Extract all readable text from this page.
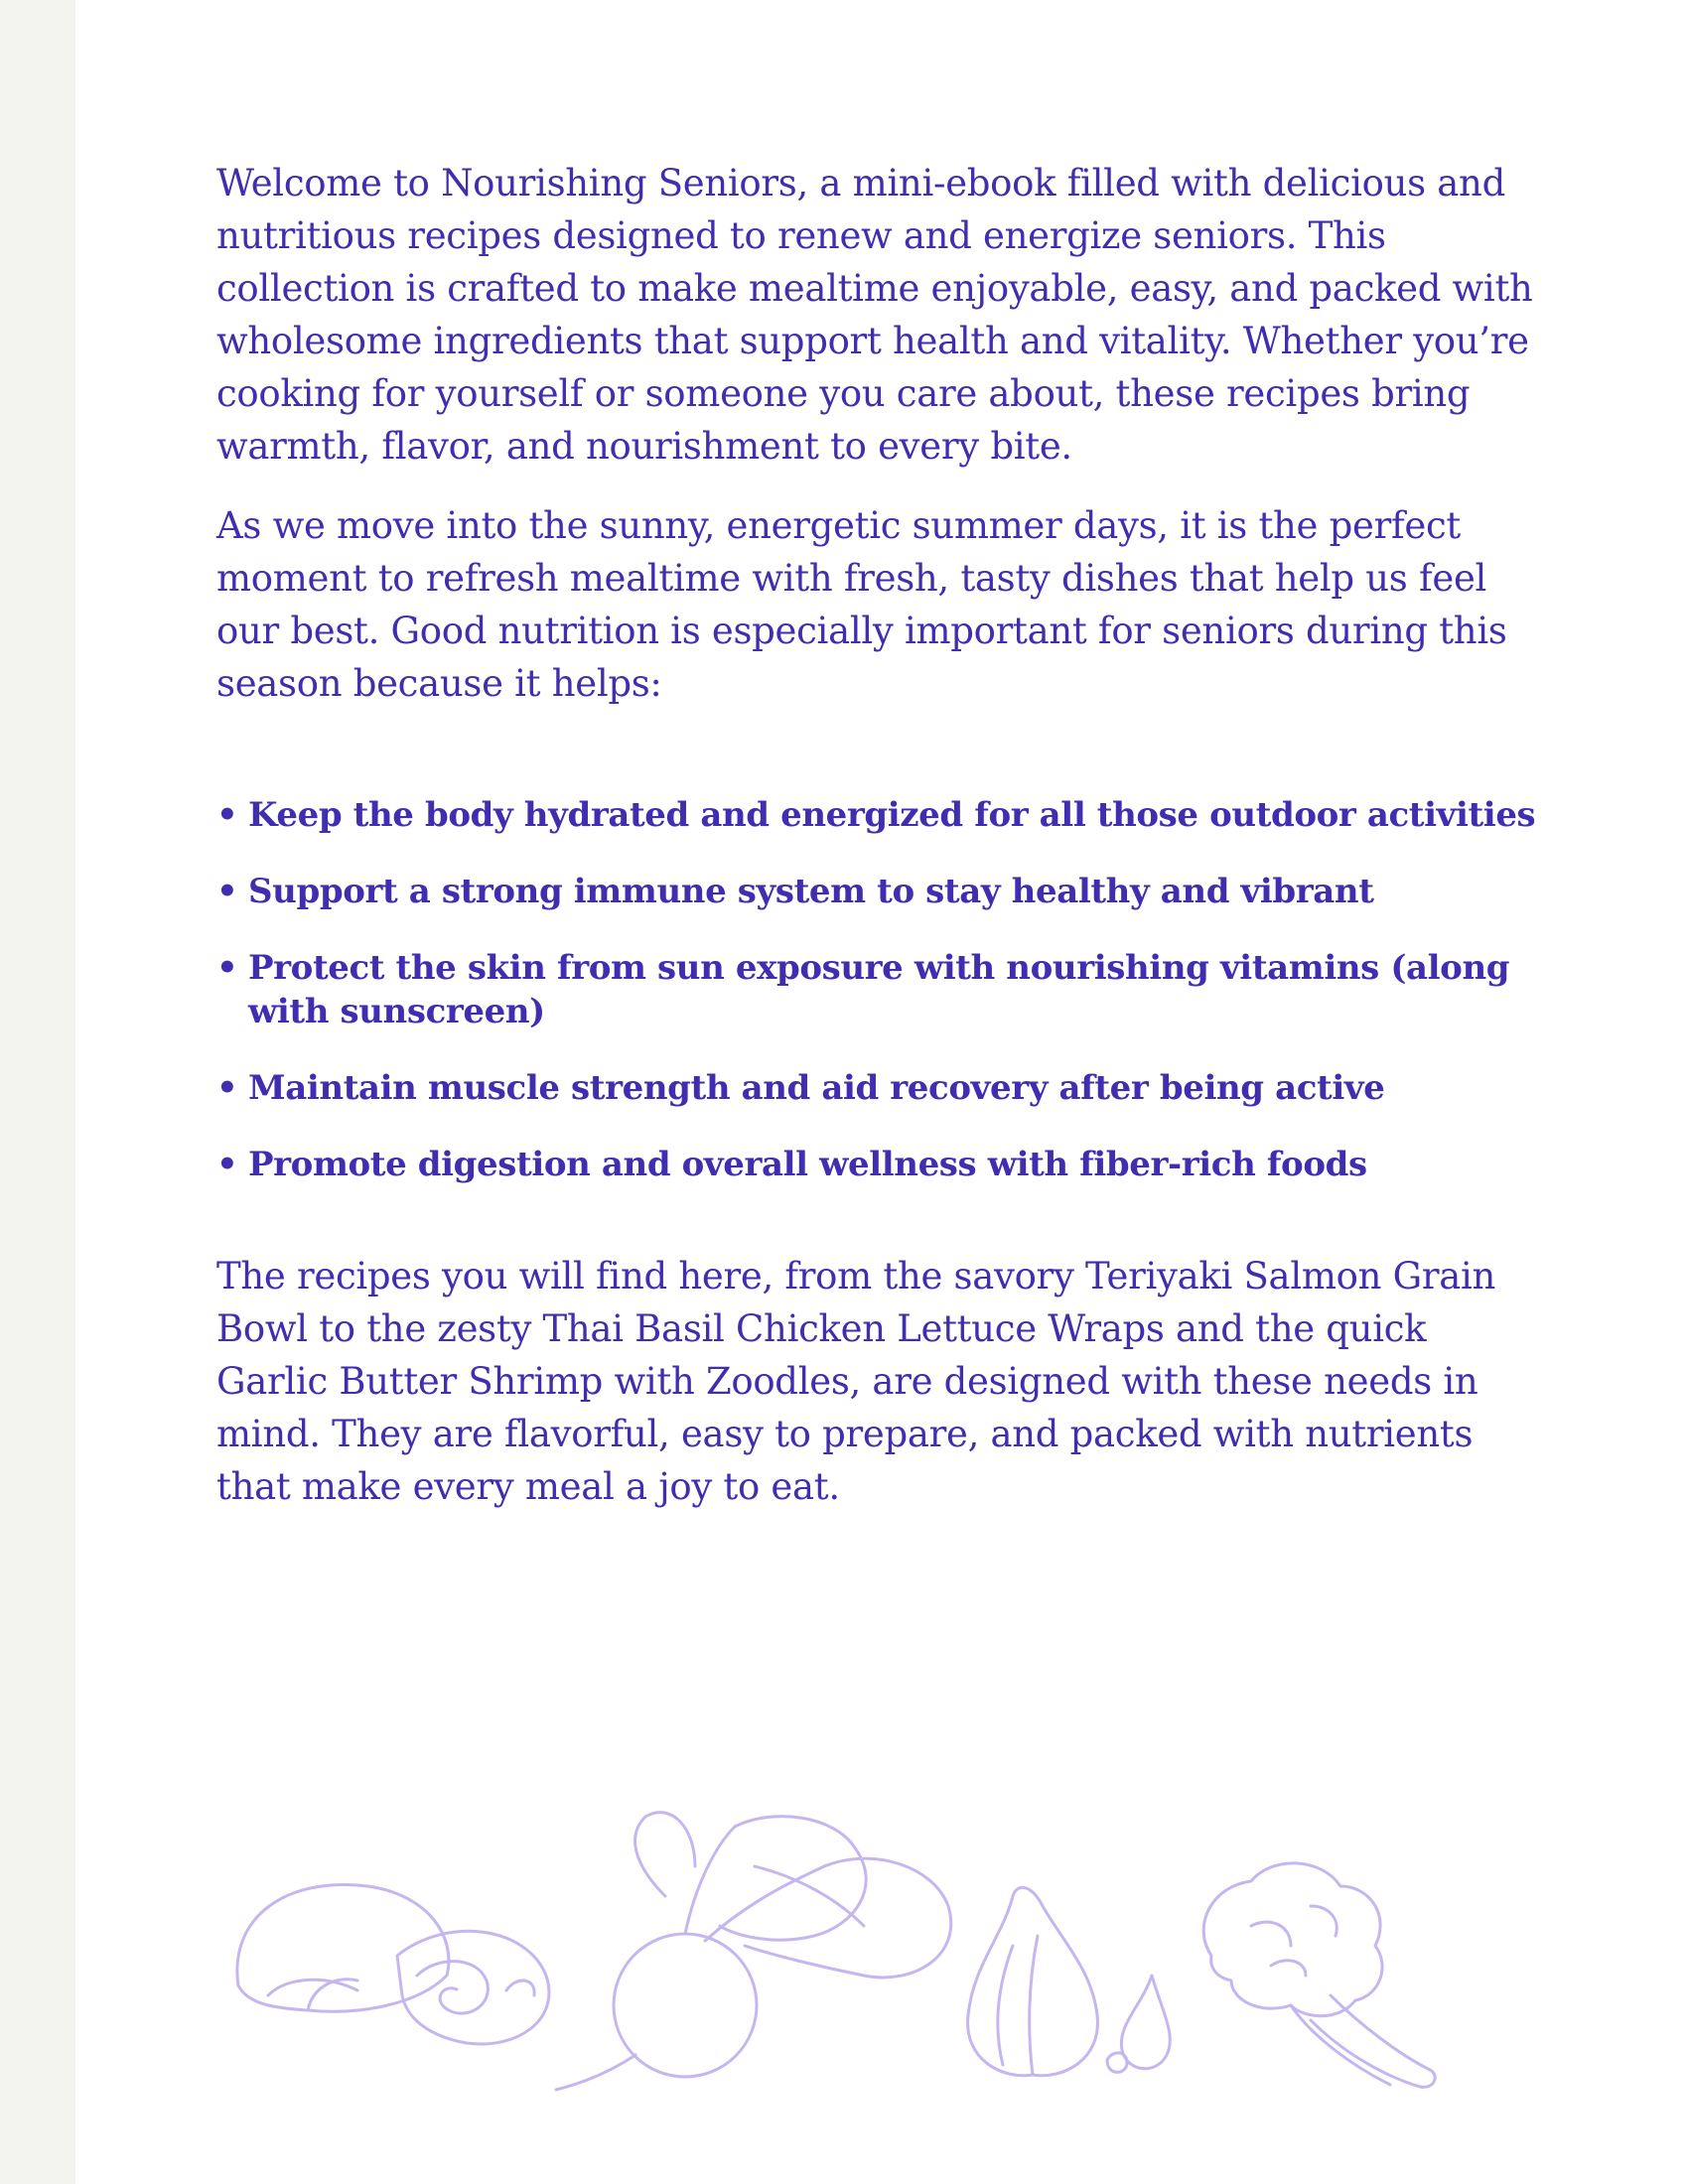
Welcome to Nourishing Seniors, a mini-ebook filled with delicious and nutritious recipes designed to renew and energize seniors. This collection is crafted to make mealtime enjoyable, easy, and packed with wholesome ingredients that support health and vitality. Whether you’re cooking for yourself or someone you care about, these recipes bring warmth, flavor, and nourishment to every bite.

As we move into the sunny, energetic summer days, it is the perfect moment to refresh mealtime with fresh, tasty dishes that help us feel our best. Good nutrition is especially important for seniors during this season because it helps:

• Keep the body hydrated and energized for all those outdoor activities
• Support a strong immune system to stay healthy and vibrant
• Protect the skin from sun exposure with nourishing vitamins (along with sunscreen)
• Maintain muscle strength and aid recovery after being active
• Promote digestion and overall wellness with fiber-rich foods

The recipes you will find here, from the savory Teriyaki Salmon Grain Bowl to the zesty Thai Basil Chicken Lettuce Wraps and the quick Garlic Butter Shrimp with Zoodles, are designed with these needs in mind. They are flavorful, easy to prepare, and packed with nutrients that make every meal a joy to eat.
